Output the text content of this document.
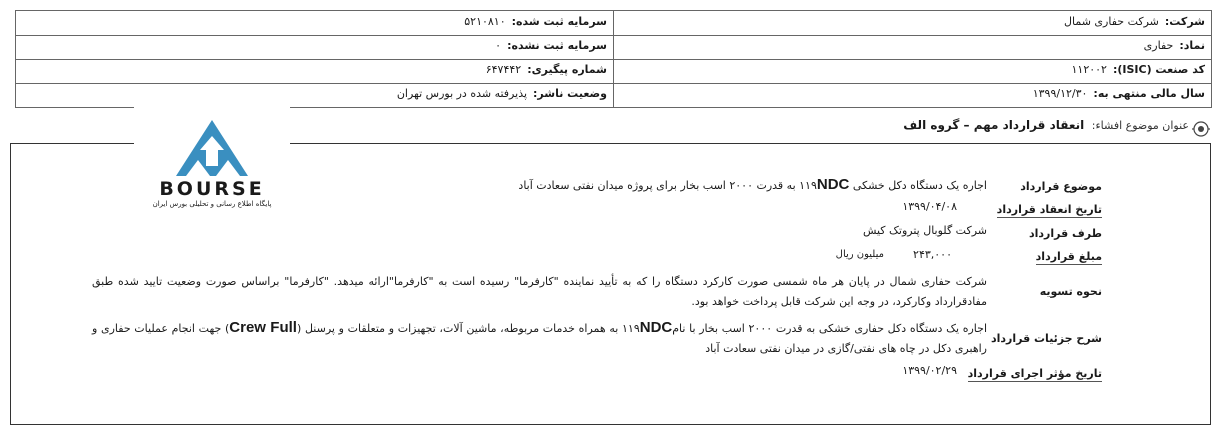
شرکت:شرکت حفاری شمال
سرمایه ثبت شده:۵۲۱۰۸۱۰
نماد:حفاری
سرمایه ثبت نشده:۰
کد صنعت (ISIC):۱۱۲۰۰۲
شماره پیگیری:۶۴۷۴۴۲
سال مالی منتهی به:۱۳۹۹/۱۲/۳۰
وضعیت ناشر:پذیرفته شده در بورس تهران
عنوان موضوع افشاء: انعقاد قرارداد مهم – گروه الف
BOURSE
پایگاه اطلاع رسانی و تحلیلی بورس ایران
موضوع قرارداد
اجاره یک دستگاه دکل خشکی ۱۱۹NDC به قدرت ۲۰۰۰ اسب بخار برای پروژه میدان نفتی سعادت آباد
تاریخ انعقاد قرارداد
۱۳۹۹/۰۴/۰۸
طرف قرارداد
شرکت گلوبال پتروتک کیش
مبلغ قرارداد
۲۴۳,۰۰۰
میلیون ریال
نحوه تسویه
شرکت حفاری شمال در پایان هر ماه شمسی صورت کارکرد دستگاه را که به تأیید نماینده "کارفرما" رسیده است به "کارفرما"ارائه میدهد. "کارفرما" براساس صورت وضعیت تایید شده طبق مفادقرارداد وکارکرد، در وجه این شرکت قابل پرداخت خواهد بود.
شرح جزئیات قرارداد
اجاره یک دستگاه دکل حفاری خشکی به قدرت ۲۰۰۰ اسب بخار با نام۱۱۹NDC به همراه خدمات مربوطه، ماشین آلات، تجهیزات و متعلقات و پرسنل (Crew Full) جهت انجام عملیات حفاری و راهبری دکل در چاه های نفتی/گازی در میدان نفتی سعادت آباد
تاریخ مؤثر اجرای قرارداد
۱۳۹۹/۰۲/۲۹
